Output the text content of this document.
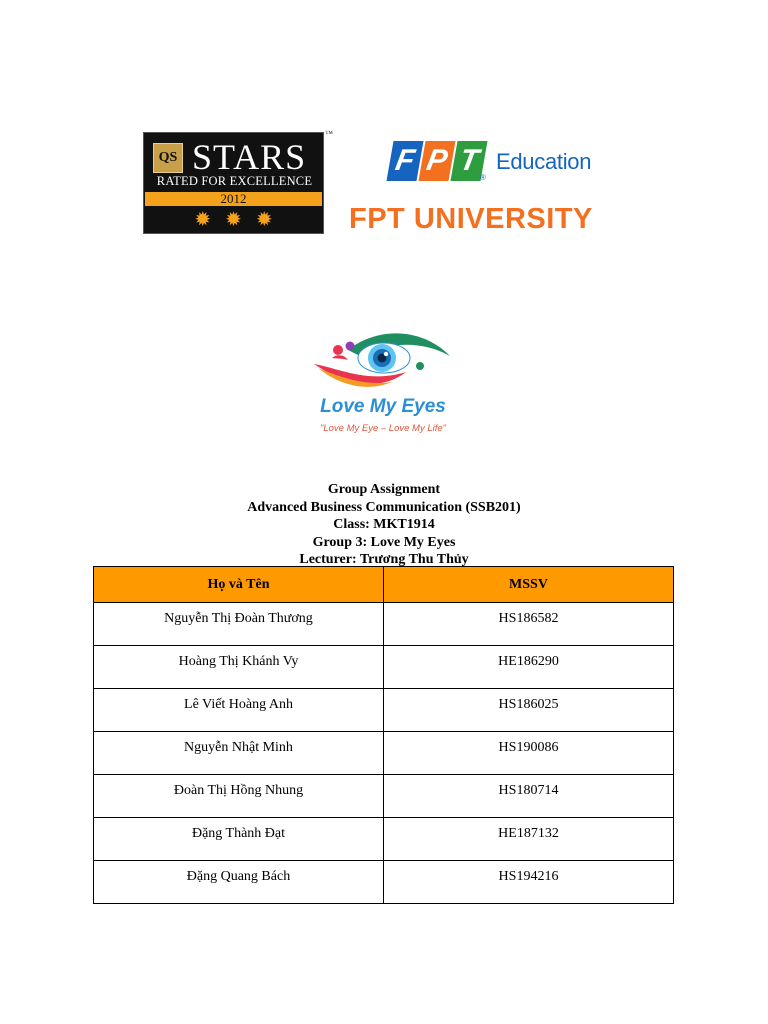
QS STARS
RATED FOR EXCELLENCE
2012
✹ ✹ ✹
™
F P T
®
Education
FPT UNIVERSITY
Love My Eyes
"Love My Eye – Love My Life"
Group Assignment
Advanced Business Communication (SSB201)
Class: MKT1914
Group 3: Love My Eyes
Lecturer: Trương Thu Thủy
Họ và Tên	MSSV
Nguyễn Thị Đoàn Thương	HS186582
Hoàng Thị Khánh Vy	HE186290
Lê Viết Hoàng Anh	HS186025
Nguyễn Nhật Minh	HS190086
Đoàn Thị Hồng Nhung	HS180714
Đặng Thành Đạt	HE187132
Đặng Quang Bách	HS194216
